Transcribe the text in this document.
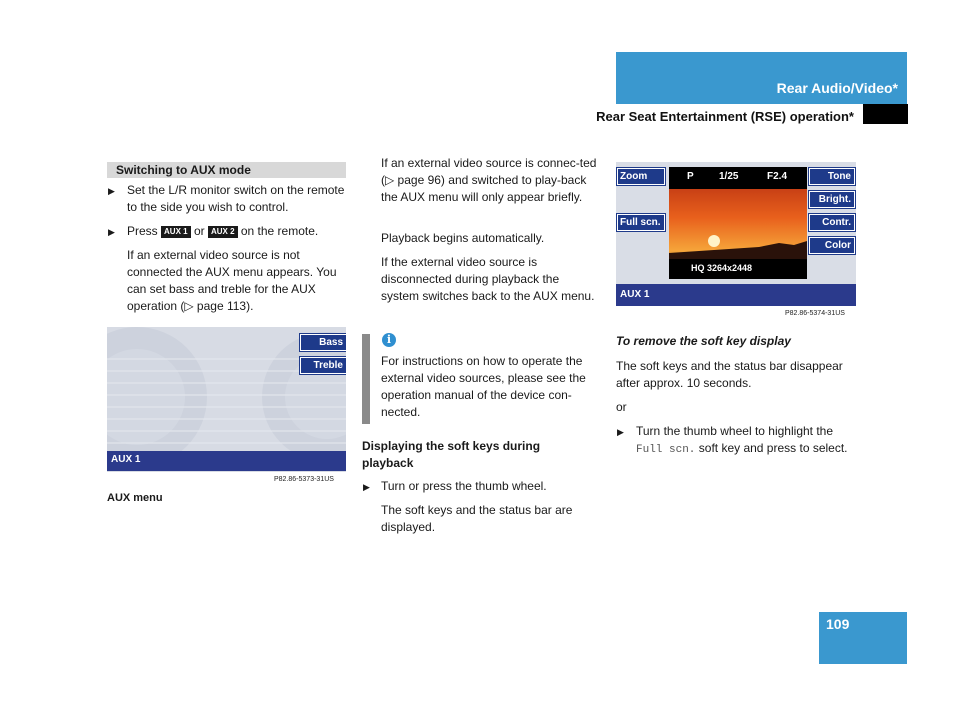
Rear Audio/Video*
Rear Seat Entertainment (RSE) operation*
Switching to AUX mode
▶ Set the L/R monitor switch on the remote to the side you wish to control.
▶ Press AUX 1 or AUX 2 on the remote.
If an external video source is not connected the AUX menu appears. You can set bass and treble for the AUX operation (▷ page 113).
Bass
Treble
AUX 1
P82.86-5373-31US
AUX menu
If an external video source is connec-ted (▷ page 96) and switched to play-back the AUX menu will only appear briefly.
Playback begins automatically.
If the external video source is disconnected during playback the system switches back to the AUX menu.
i
For instructions on how to operate the external video sources, please see the operation manual of the device con-nected.
Displaying the soft keys during playback
▶ Turn or press the thumb wheel.
The soft keys and the status bar are displayed.
Zoom
Full scn.
P	1/25	F2.4
HQ 3264x2448
Tone
Bright.
Contr.
Color
AUX 1
P82.86-5374-31US
To remove the soft key display
The soft keys and the status bar disappear after approx. 10 seconds.
or
▶ Turn the thumb wheel to highlight the Full scn. soft key and press to select.
109
